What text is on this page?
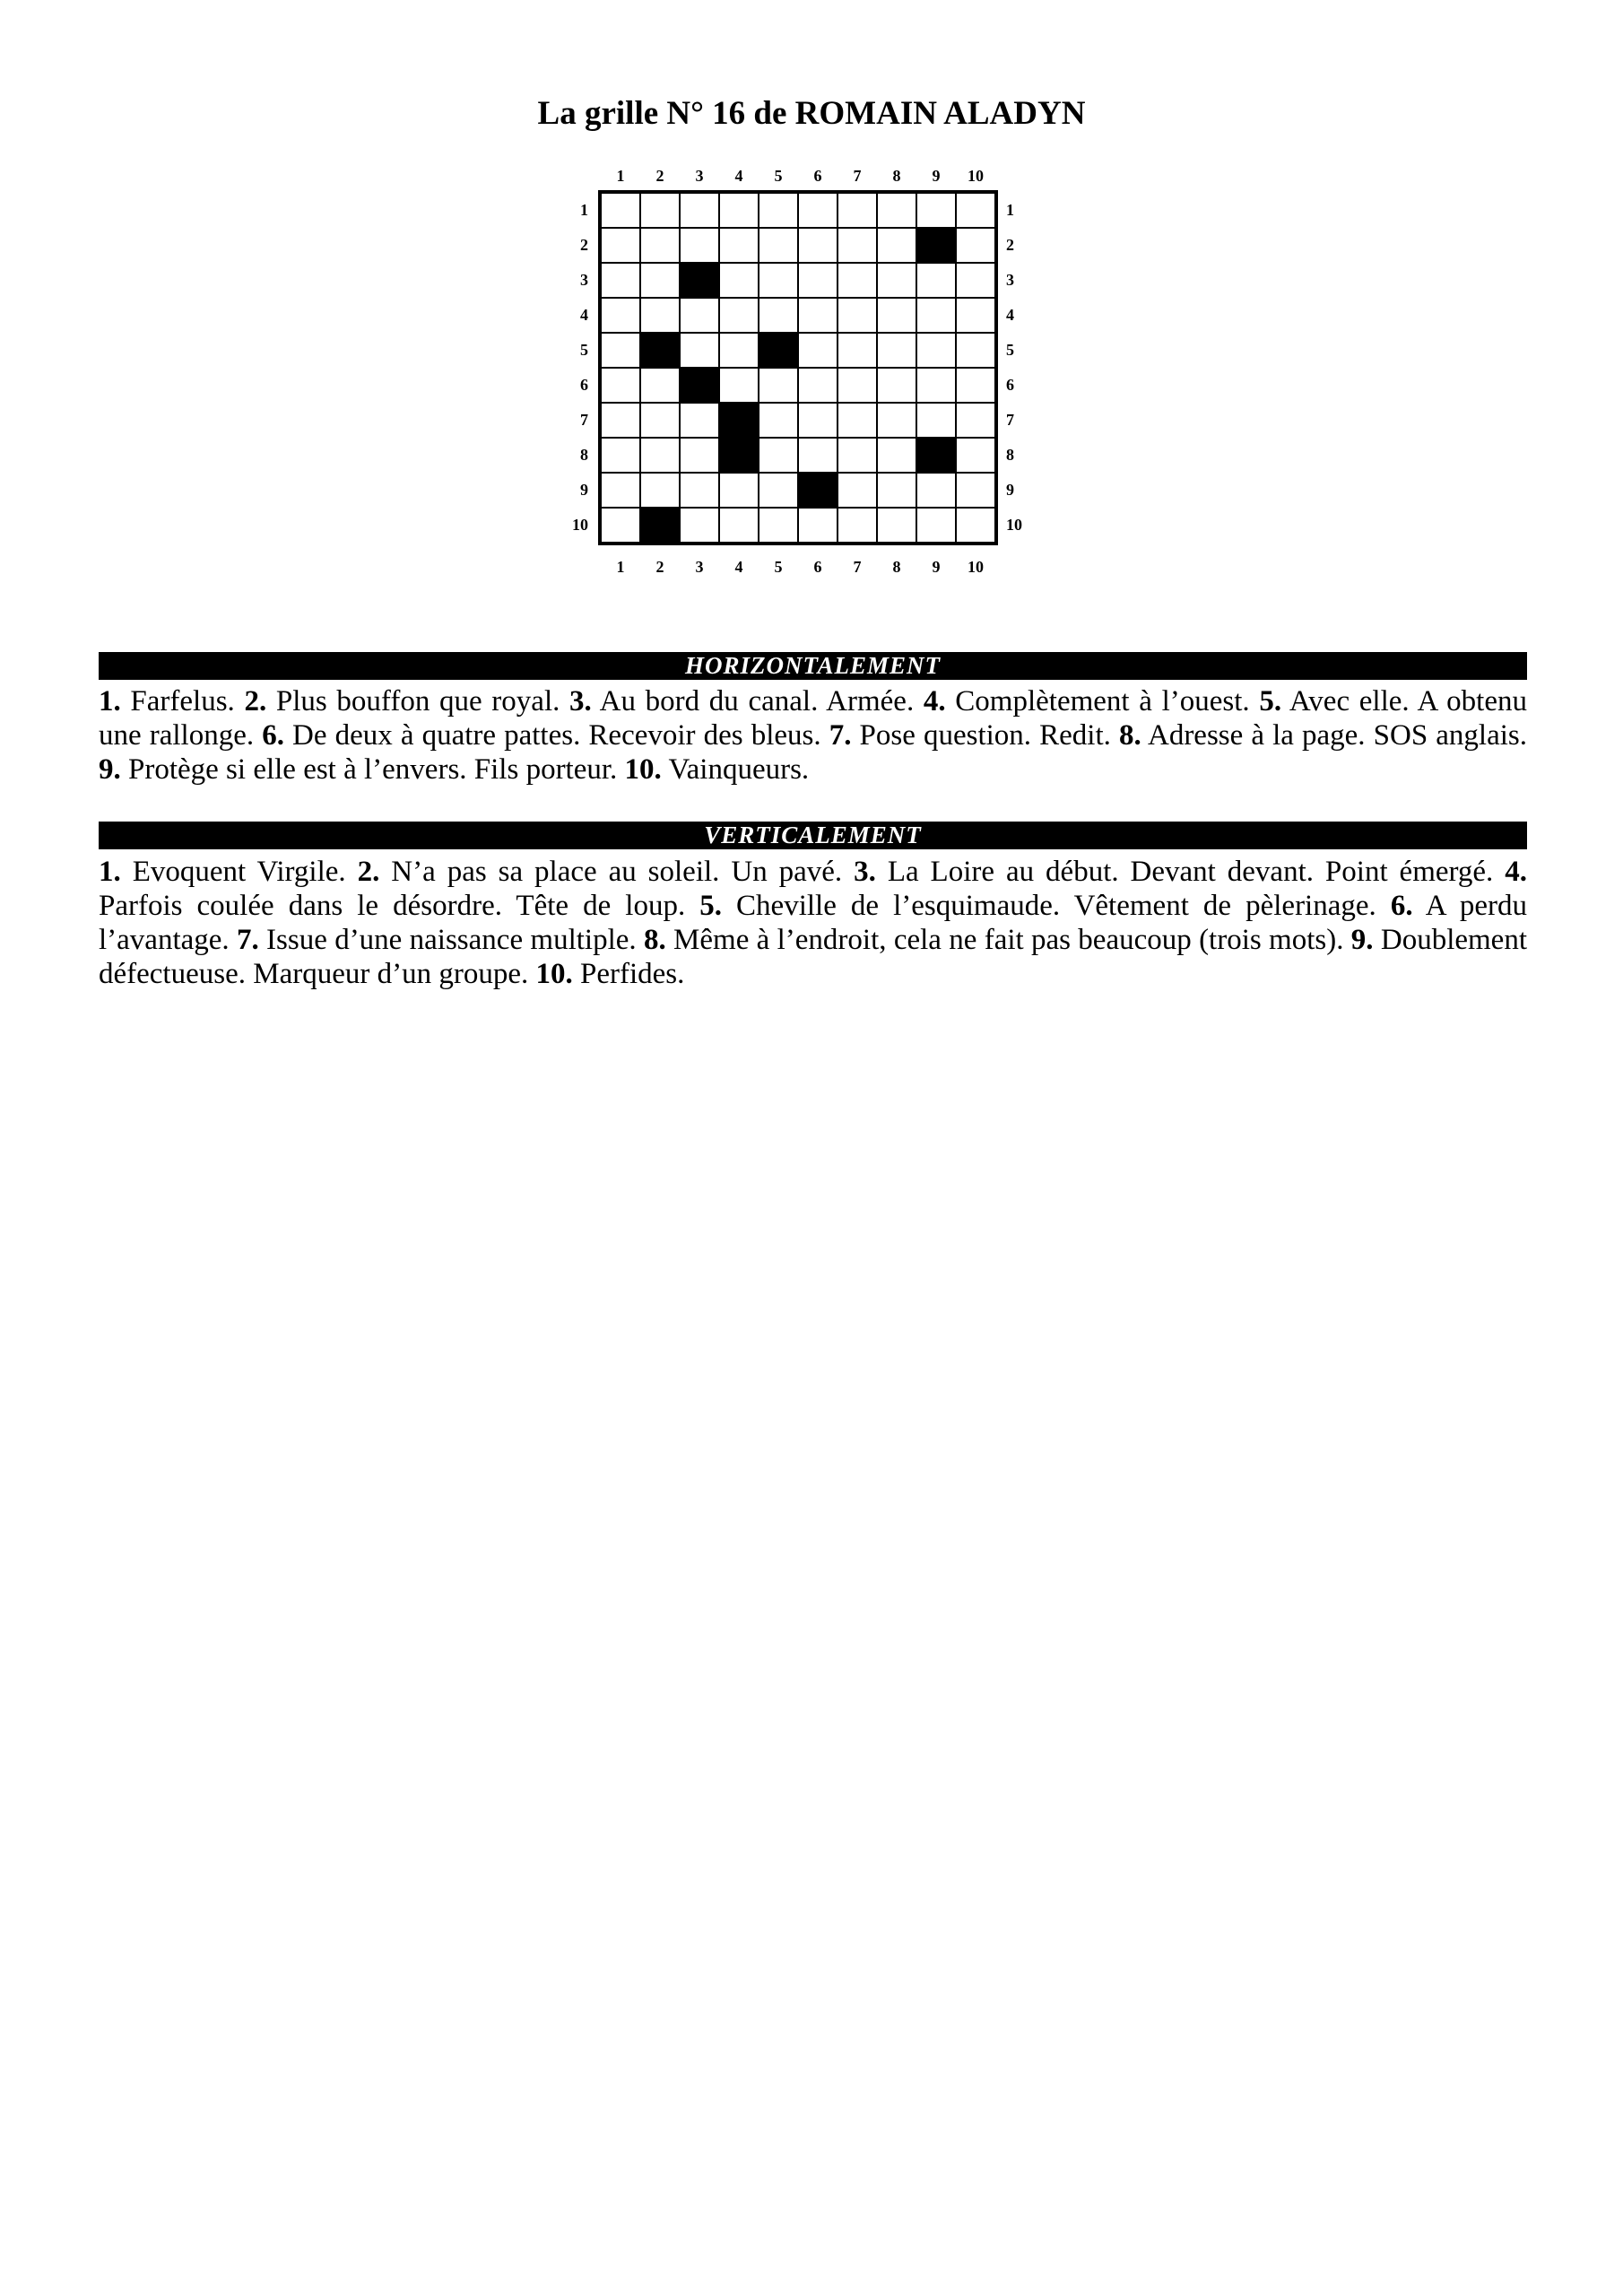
La grille N° 16 de ROMAIN ALADYN
1	2	3	4	5	6	7	8	9	10
1
2
3
4
5
6
7
8
9
10
1
2
3
4
5
6
7
8
9
10
1	2	3	4	5	6	7	8	9	10
HORIZONTALEMENT
1. Farfelus. 2. Plus bouffon que royal. 3. Au bord du canal. Armée. 4. Complètement à l’ouest. 5. Avec elle. A obtenu une rallonge. 6. De deux à quatre pattes. Recevoir des bleus. 7. Pose question. Redit. 8. Adresse à la page. SOS anglais. 9. Protège si elle est à l’envers. Fils porteur. 10. Vainqueurs.
VERTICALEMENT
1. Evoquent Virgile. 2. N’a pas sa place au soleil. Un pavé. 3. La Loire au début. Devant devant. Point émergé. 4. Parfois coulée dans le désordre. Tête de loup. 5. Cheville de l’esquimaude. Vêtement de pèlerinage. 6. A perdu l’avantage. 7. Issue d’une naissance multiple. 8. Même à l’endroit, cela ne fait pas beaucoup (trois mots). 9. Doublement défectueuse. Marqueur d’un groupe. 10. Perfides.
